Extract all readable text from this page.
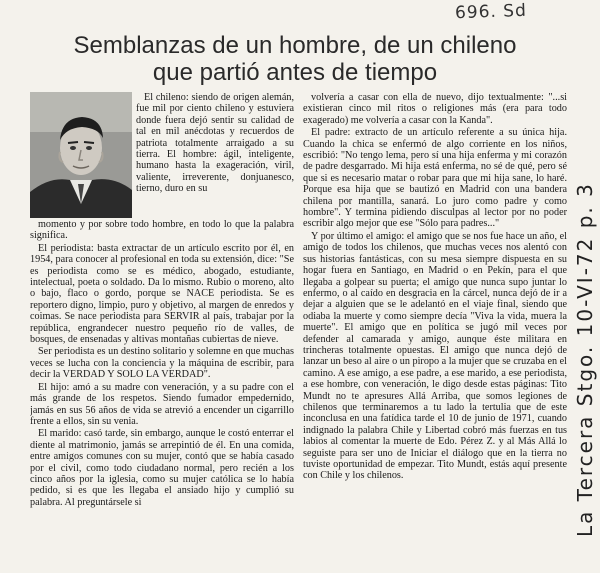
696. Sd
La Tercera Stgo. 10-VI-72 p. 3
Semblanzas de un hombre, de un chileno que partió antes de tiempo

El chileno: siendo de origen alemán, fue mil por ciento chileno y estuviera donde fuera dejó sentir su calidad de tal en mil anécdotas y recuerdos de patriota totalmente arraigado a su tierra. El hombre: ágil, inteligente, humano hasta la exageración, viril, valiente, irreverente, donjuanesco, tierno, duro en su

momento y por sobre todo hombre, en todo lo que la palabra significa.

El periodista: basta extractar de un artículo escrito por él, en 1954, para conocer al profesional en toda su extensión, dice: "Se es periodista como se es médico, abogado, estudiante, intelectual, poeta o soldado. Da lo mismo. Rubio o moreno, alto o bajo, flaco o gordo, porque se NACE periodista. Se es reportero digno, limpio, puro y objetivo, al margen de enredos y coimas. Se nace periodista para SERVIR al país, trabajar por la república, engrandecer nuestro pequeño río de valles, de bosques, de ensenadas y altivas montañas cubiertas de nieve.

Ser periodista es un destino solitario y solemne en que muchas veces se lucha con la conciencia y la máquina de escribir, para decir la VERDAD Y SOLO LA VERDAD".

El hijo: amó a su madre con veneración, y a su padre con el más grande de los respetos. Siendo fumador empedernido, jamás en sus 56 años de vida se atrevió a encender un cigarrillo frente a ellos, sin su venia.

El marido: casó tarde, sin embargo, aunque le costó enterrar el diente al matrimonio, jamás se arrepintió de él. En una comida, entre amigos comunes con su mujer, contó que se había casado por el civil, como todo ciudadano normal, pero recién a los cinco años por la iglesia, como su mujer católica se lo había pedido, si es que les llegaba el ansiado hijo y cumplió su palabra. Al preguntársele si

volvería a casar con ella de nuevo, dijo textualmente: "...si existieran cinco mil ritos o religiones más (era para todo exagerado) me volvería a casar con la Kanda".

El padre: extracto de un artículo referente a su única hija. Cuando la chica se enfermó de algo corriente en los niños, escribió: "No tengo lema, pero sí una hija enferma y mi corazón de padre desgarrado. Mi hija está enferma, no sé de qué, pero sé que si es necesario matar o robar para que mi hija sane, lo haré. Porque esa hija que se bautizó en Madrid con una bandera chilena por mantilla, sanará. Lo juro como padre y como hombre". Y termina pidiendo disculpas al lector por no poder escribir algo mejor que ese "Sólo para padres..."

Y por último el amigo: el amigo que se nos fue hace un año, el amigo de todos los chilenos, que muchas veces nos alentó con sus historias fantásticas, con su mesa siempre dispuesta en su hogar fuera en Santiago, en Madrid o en Pekín, para el que llegaba a golpear su puerta; el amigo que nunca supo juntar lo enfermo, o al caído en desgracia en la cárcel, nunca dejó de ir a dejar a alguien que se le adelantó en el viaje final, siendo que odiaba la muerte y como siempre decía "Viva la vida, muera la muerte". El amigo que en política se jugó mil veces por defender al camarada y amigo, aunque éste militara en trincheras totalmente opuestas. El amigo que nunca dejó de lanzar un beso al aire o un piropo a la mujer que se cruzaba en el camino. A ese amigo, a ese padre, a ese marido, a ese periodista, a ese hombre, con veneración, le digo desde estas páginas: Tito Mundt no te apresures Allá Arriba, que somos legiones de chilenos que terminaremos a tu lado la tertulia que de este inconclusa en una fatídica tarde el 10 de junio de 1971, cuando indignado la palabra Chile y Libertad cobró más fuerzas en tus labios al comentar la muerte de Edo. Pérez Z. y al Más Allá lo seguiste para ser uno de Iniciar el diálogo que en la tierra no tuviste oportunidad de empezar. Tito Mundt, estás aquí presente con Chile y los chilenos.
